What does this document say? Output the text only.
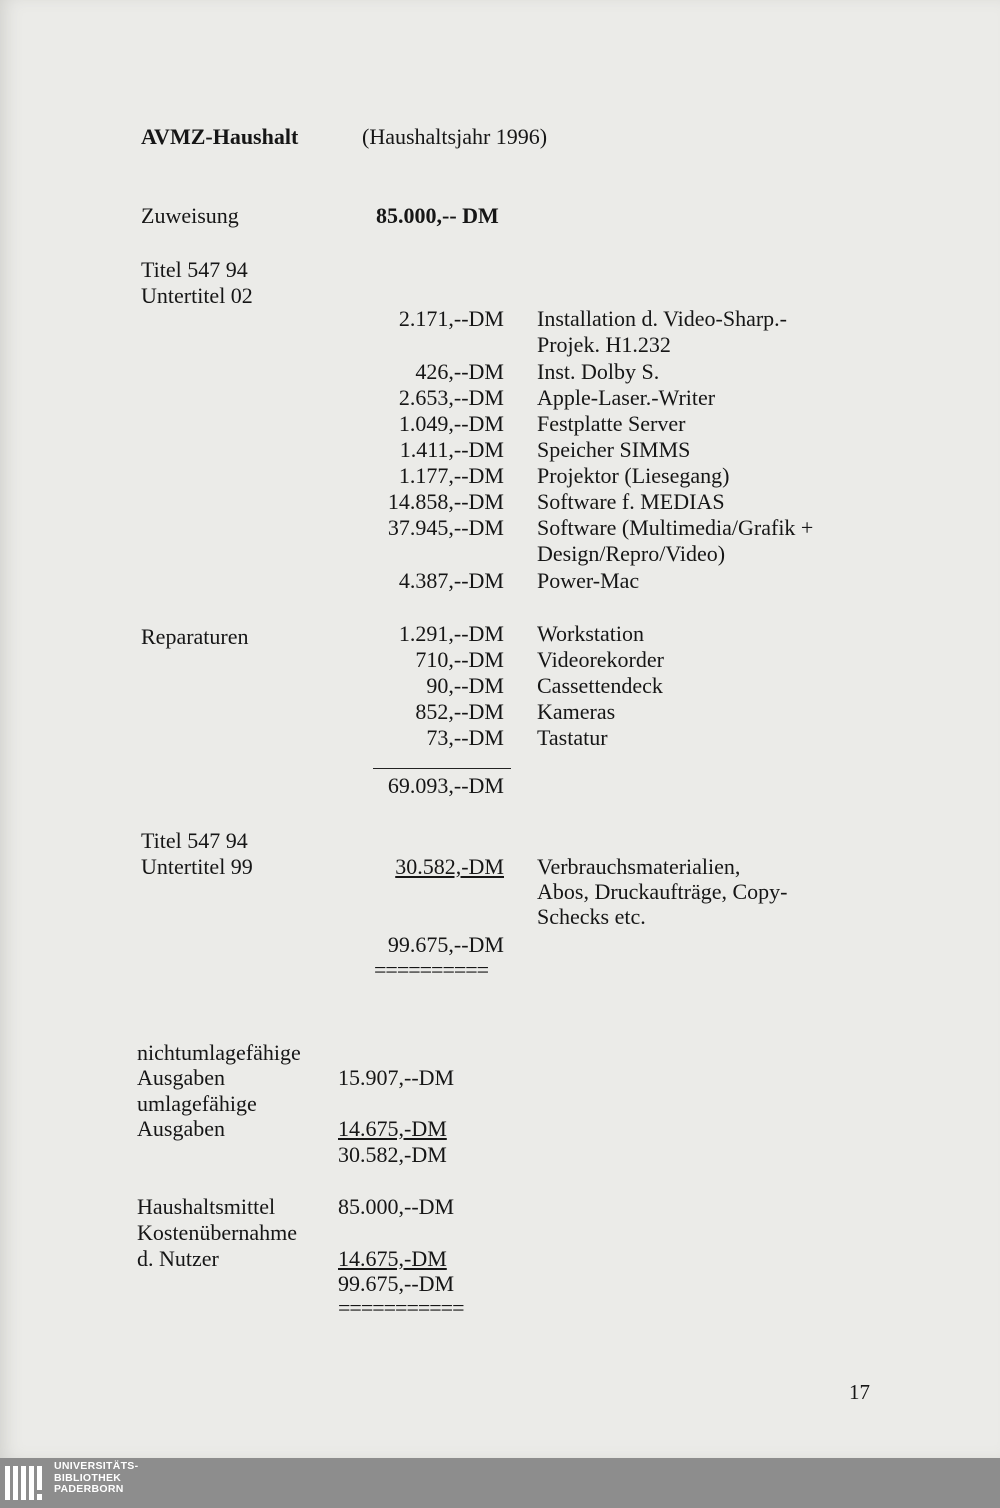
AVMZ-Haushalt	(Haushaltsjahr 1996)
Zuweisung	85.000,-- DM
Titel 547 94
Untertitel 02
2.171,--DM Installation d. Video-Sharp.-
Projek. H1.232
426,--DM Inst. Dolby S.
2.653,--DM Apple-Laser.-Writer
1.049,--DM Festplatte Server
1.411,--DM Speicher SIMMS
1.177,--DM Projektor (Liesegang)
14.858,--DM Software f. MEDIAS
37.945,--DM Software (Multimedia/Grafik +
Design/Repro/Video)
4.387,--DM Power-Mac
Reparaturen	1.291,--DM Workstation
710,--DM Videorekorder
90,--DM Cassettendeck
852,--DM Kameras
73,--DM Tastatur
69.093,--DM
Titel 547 94
Untertitel 99	30.582,-DM Verbrauchsmaterialien,
Abos, Druckaufträge, Copy-
Schecks etc.
99.675,--DM
==========
nichtumlagefähige
Ausgaben	15.907,--DM
umlagefähige
Ausgaben	14.675,-DM
30.582,-DM
Haushaltsmittel	85.000,--DM
Kostenübernahme
d. Nutzer	14.675,-DM
99.675,--DM
===========
17
UNIVERSITÄTS-
BIBLIOTHEK
PADERBORN
